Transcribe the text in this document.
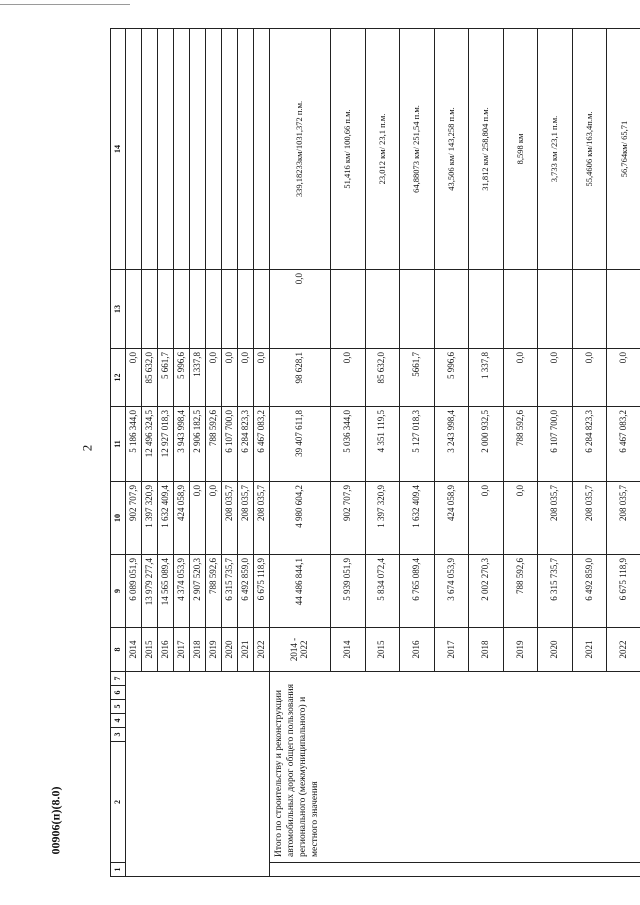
2
00906(п)(8.0)
1	2	3	4	5	6	7	8	9	10	11	12	13	14
							2014	6 089 051,9	902 707,9	5 186 344,0	0,0		
							2015	13 979 277,4	1 397 320,9	12 496 324,5	85 632,0		
							2016	14 565 089,4	1 632 409,4	12 927 018,3	5 661,7		
							2017	4 374 053,9	424 058,9	3 943 998,4	5 996,6		
							2018	2 907 520,3	0,0	2 906 182,5	1337,8		
							2019	788 592,6	0,0	788 592,6	0,0		
							2020	6 315 735,7	208 035,7	6 107 700,0	0,0		
							2021	6 492 859,0	208 035,7	6 284 823,3	0,0		
							2022	6 675 118,9	208 035,7	6 467 083,2	0,0		
	Итого по строительству и реконструкции автомобильных дорог общего пользования регионального (межмуниципального) и местного значения						2014 - 2022	44 486 844,1	4 980 604,2	39 407 611,8	98 628,1	0,0	339,18233км/1031,372 п.м.
							2014	5 939 051,9	902 707,9	5 036 344,0	0,0		51,416 км/ 100,66 п.м.
							2015	5 834 072,4	1 397 320,9	4 351 119,5	85 632,0		23,012 км/ 23,1 п.м.
							2016	6 765 089,4	1 632 409,4	5 127 018,3	5661,7		64,88073 км/ 251,54 п.м.
							2017	3 674 053,9	424 058,9	3 243 998,4	5 996,6		43,506 км/ 143,258 п.м.
							2018	2 002 270,3	0,0	2 000 932,5	1 337,8		31,812 км/ 258,804 п.м.
							2019	788 592,6	0,0	788 592,6	0,0		8,598 км
							2020	6 315 735,7	208 035,7	6 107 700,0	0,0		3,733 км /23,1 п.м.
							2021	6 492 859,0	208 035,7	6 284 823,3	0,0		55,4606 км/163,4п.м.
							2022	6 675 118,9	208 035,7	6 467 083,2	0,0		56,764км/ 65,71
